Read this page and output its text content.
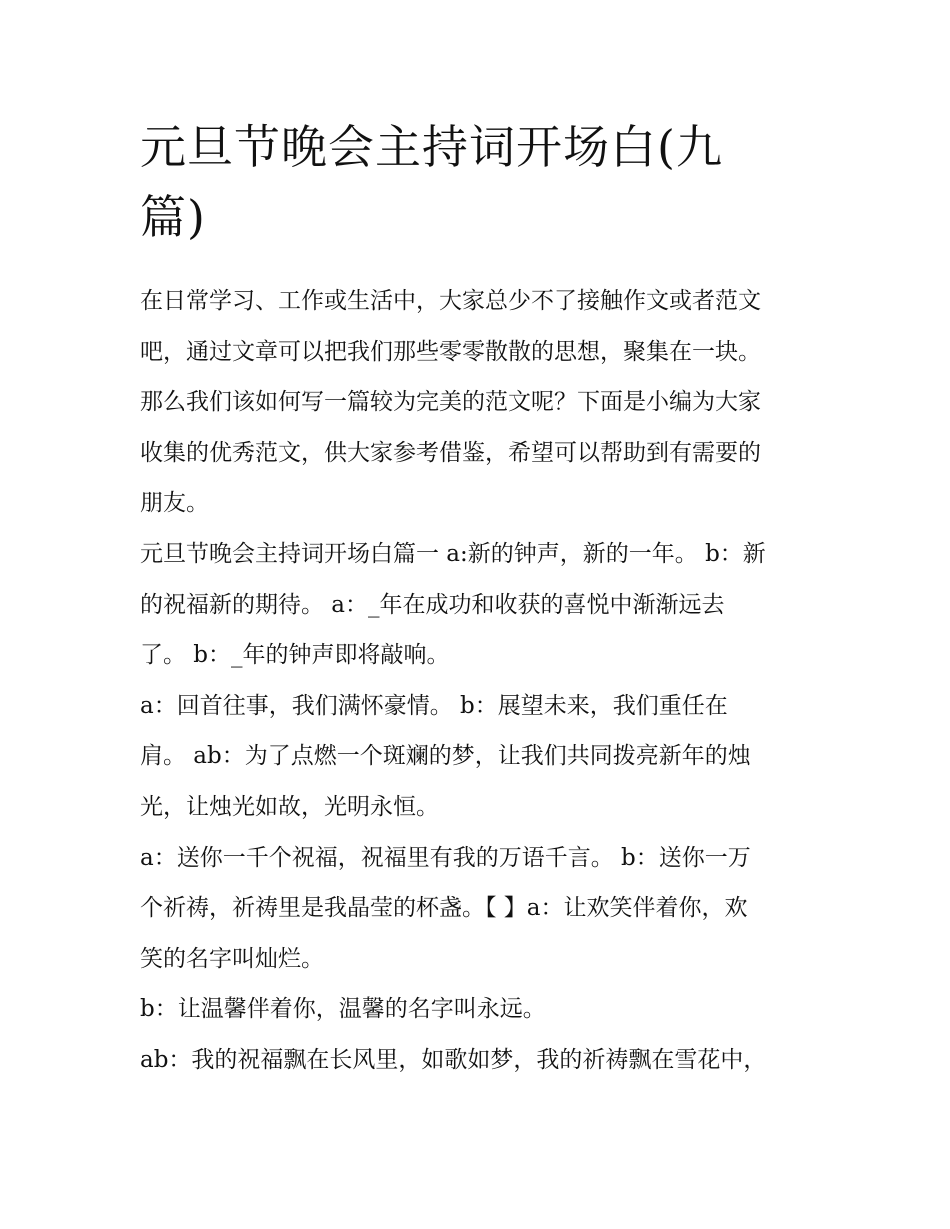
元旦节晚会主持词开场白(九
篇)
在日常学习、工作或生活中，大家总少不了接触作文或者范文
吧，通过文章可以把我们那些零零散散的思想，聚集在一块。
那么我们该如何写一篇较为完美的范文呢？下面是小编为大家
收集的优秀范文，供大家参考借鉴，希望可以帮助到有需要的
朋友。
元旦节晚会主持词开场白篇一 a:新的钟声，新的一年。 b：新
的祝福新的期待。 a：_年在成功和收获的喜悦中渐渐远去
了。 b：_年的钟声即将敲响。
a：回首往事，我们满怀豪情。 b：展望未来，我们重任在
肩。 ab：为了点燃一个斑斓的梦，让我们共同拨亮新年的烛
光，让烛光如故，光明永恒。
a：送你一千个祝福，祝福里有我的万语千言。 b：送你一万
个祈祷，祈祷里是我晶莹的杯盏。【 】a：让欢笑伴着你，欢
笑的名字叫灿烂。
b：让温馨伴着你，温馨的名字叫永远。
ab：我的祝福飘在长风里，如歌如梦，我的祈祷飘在雪花中，
